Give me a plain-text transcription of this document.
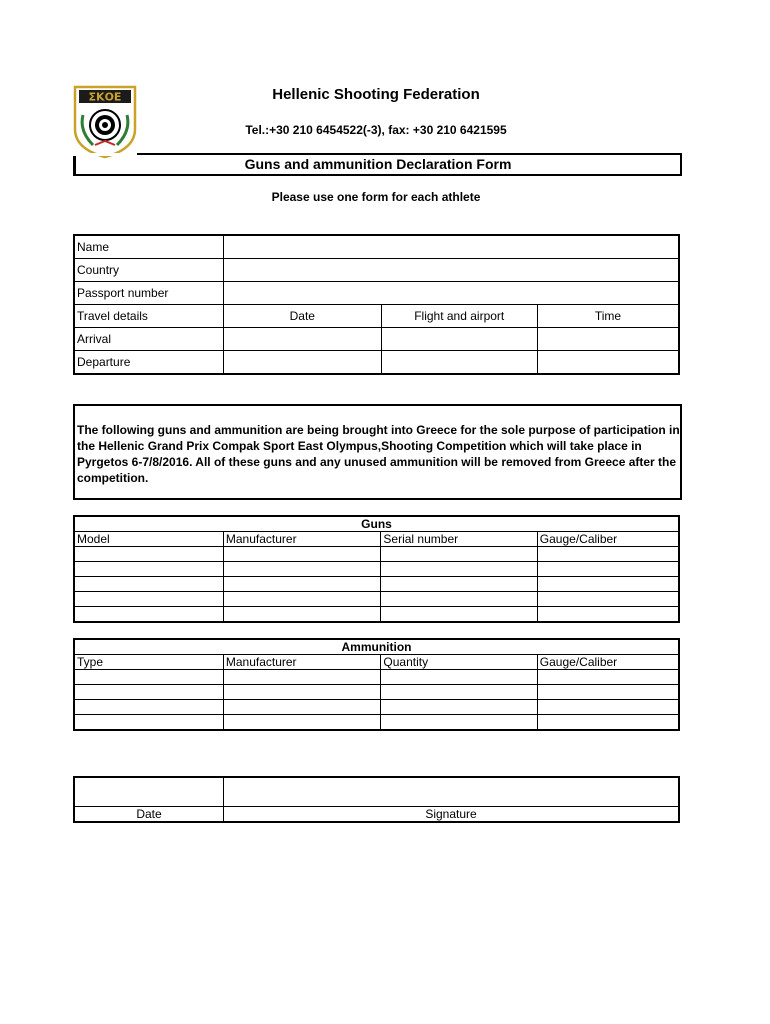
ΣΚΟΕ	Hellenic Shooting Federation
Tel.:+30 210 6454522(-3), fax: +30 210 6421595
Guns and ammunition Declaration Form
Please use one form for each athlete
Name			
Country			
Passport number			
Travel details	Date	Flight and airport	Time
Arrival			
Departure			

The following guns and ammunition are being brought into Greece for the sole purpose of participation in the Hellenic Grand Prix Compak Sport East Olympus,Shooting Competition which will take place in Pyrgetos 6-7/8/2016. All of these guns and any unused ammunition will be removed from Greece after the competition.

Guns			
Model	Manufacturer	Serial number	Gauge/Caliber

Ammunition			
Type	Manufacturer	Quantity	Gauge/Caliber

Date	Signature
